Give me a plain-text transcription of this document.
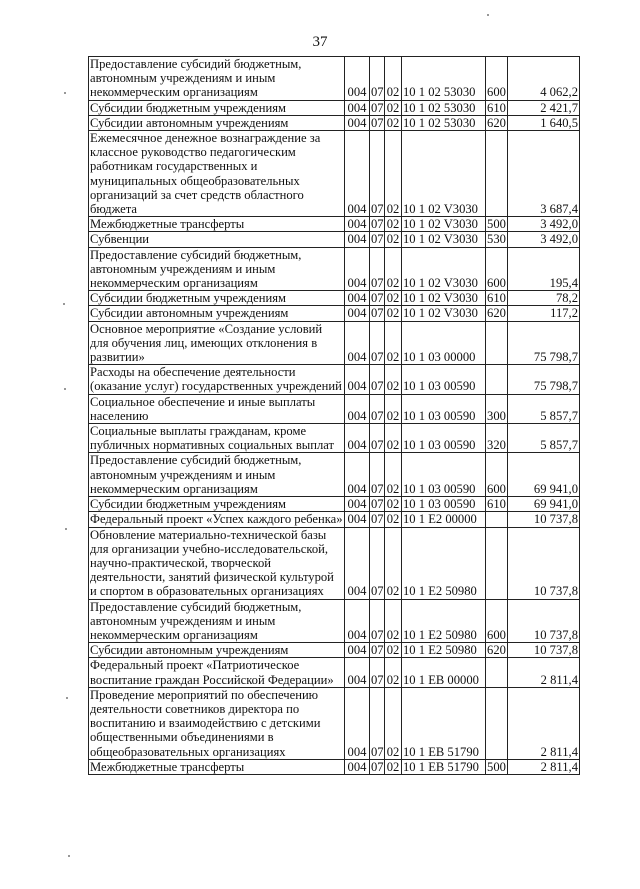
37
Предоставление субсидий бюджетным, автономным учреждениям и иным некоммерческим организациям	004	07	02	10 1 02 53030	600	4 062,2
Субсидии бюджетным учреждениям	004	07	02	10 1 02 53030	610	2 421,7
Субсидии автономным учреждениям	004	07	02	10 1 02 53030	620	1 640,5
Ежемесячное денежное вознаграждение за классное руководство педагогическим работникам государственных и муниципальных общеобразовательных организаций за счет средств областного бюджета	004	07	02	10 1 02 V3030		3 687,4
Межбюджетные трансферты	004	07	02	10 1 02 V3030	500	3 492,0
Субвенции	004	07	02	10 1 02 V3030	530	3 492,0
Предоставление субсидий бюджетным, автономным учреждениям и иным некоммерческим организациям	004	07	02	10 1 02 V3030	600	195,4
Субсидии бюджетным учреждениям	004	07	02	10 1 02 V3030	610	78,2
Субсидии автономным учреждениям	004	07	02	10 1 02 V3030	620	117,2
Основное мероприятие «Создание условий для обучения лиц, имеющих отклонения в развитии»	004	07	02	10 1 03 00000		75 798,7
Расходы на обеспечение деятельности (оказание услуг) государственных учреждений	004	07	02	10 1 03 00590		75 798,7
Социальное обеспечение и иные выплаты населению	004	07	02	10 1 03 00590	300	5 857,7
Социальные выплаты гражданам, кроме публичных нормативных социальных выплат	004	07	02	10 1 03 00590	320	5 857,7
Предоставление субсидий бюджетным, автономным учреждениям и иным некоммерческим организациям	004	07	02	10 1 03 00590	600	69 941,0
Субсидии бюджетным учреждениям	004	07	02	10 1 03 00590	610	69 941,0
Федеральный проект «Успех каждого ребенка»	004	07	02	10 1 E2 00000		10 737,8
Обновление материально-технической базы для организации учебно-исследовательской, научно-практической, творческой деятельности, занятий физической культурой и спортом в образовательных организациях	004	07	02	10 1 E2 50980		10 737,8
Предоставление субсидий бюджетным, автономным учреждениям и иным некоммерческим организациям	004	07	02	10 1 E2 50980	600	10 737,8
Субсидии автономным учреждениям	004	07	02	10 1 E2 50980	620	10 737,8
Федеральный проект «Патриотическое воспитание граждан Российской Федерации»	004	07	02	10 1 EB 00000		2 811,4
Проведение мероприятий по обеспечению деятельности советников директора по воспитанию и взаимодействию с детскими общественными объединениями в общеобразовательных организациях	004	07	02	10 1 EB 51790		2 811,4
Межбюджетные трансферты	004	07	02	10 1 EB 51790	500	2 811,4
